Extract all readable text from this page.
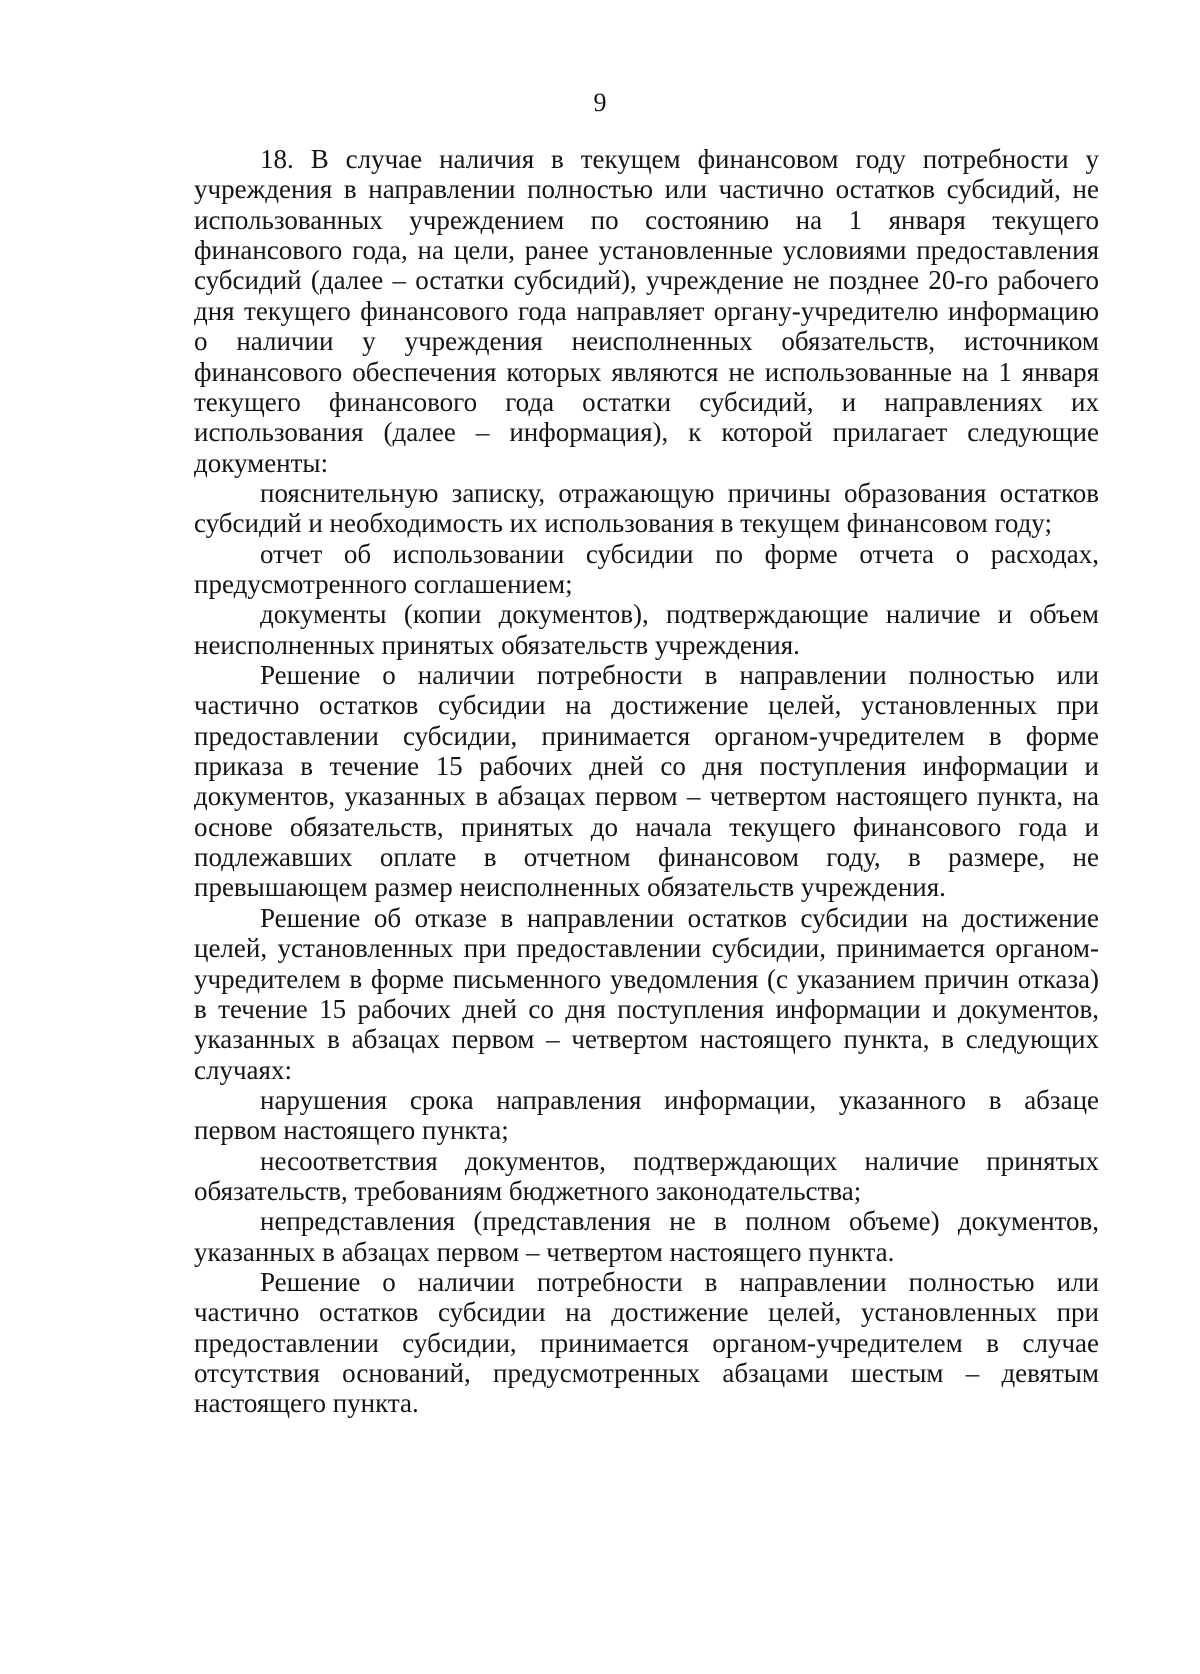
9
18. В случае наличия в текущем финансовом году потребности у
учреждения в направлении полностью или частично остатков субсидий, не
использованных учреждением по состоянию на 1 января текущего
финансового года, на цели, ранее установленные условиями предоставления
субсидий (далее – остатки субсидий), учреждение не позднее 20-го рабочего
дня текущего финансового года направляет органу-учредителю информацию
о наличии у учреждения неисполненных обязательств, источником
финансового обеспечения которых являются не использованные на 1 января
текущего финансового года остатки субсидий, и направлениях их
использования (далее – информация), к которой прилагает следующие
документы:
пояснительную записку, отражающую причины образования остатков
субсидий и необходимость их использования в текущем финансовом году;
отчет об использовании субсидии по форме отчета о расходах,
предусмотренного соглашением;
документы (копии документов), подтверждающие наличие и объем
неисполненных принятых обязательств учреждения.
Решение о наличии потребности в направлении полностью или
частично остатков субсидии на достижение целей, установленных при
предоставлении субсидии, принимается органом-учредителем в форме
приказа в течение 15 рабочих дней со дня поступления информации и
документов, указанных в абзацах первом – четвертом настоящего пункта, на
основе обязательств, принятых до начала текущего финансового года и
подлежавших оплате в отчетном финансовом году, в размере, не
превышающем размер неисполненных обязательств учреждения.
Решение об отказе в направлении остатков субсидии на достижение
целей, установленных при предоставлении субсидии, принимается органом-
учредителем в форме письменного уведомления (с указанием причин отказа)
в течение 15 рабочих дней со дня поступления информации и документов,
указанных в абзацах первом – четвертом настоящего пункта, в следующих
случаях:
нарушения срока направления информации, указанного в абзаце
первом настоящего пункта;
несоответствия документов, подтверждающих наличие принятых
обязательств, требованиям бюджетного законодательства;
непредставления (представления не в полном объеме) документов,
указанных в абзацах первом – четвертом настоящего пункта.
Решение о наличии потребности в направлении полностью или
частично остатков субсидии на достижение целей, установленных при
предоставлении субсидии, принимается органом-учредителем в случае
отсутствия оснований, предусмотренных абзацами шестым – девятым
настоящего пункта.
